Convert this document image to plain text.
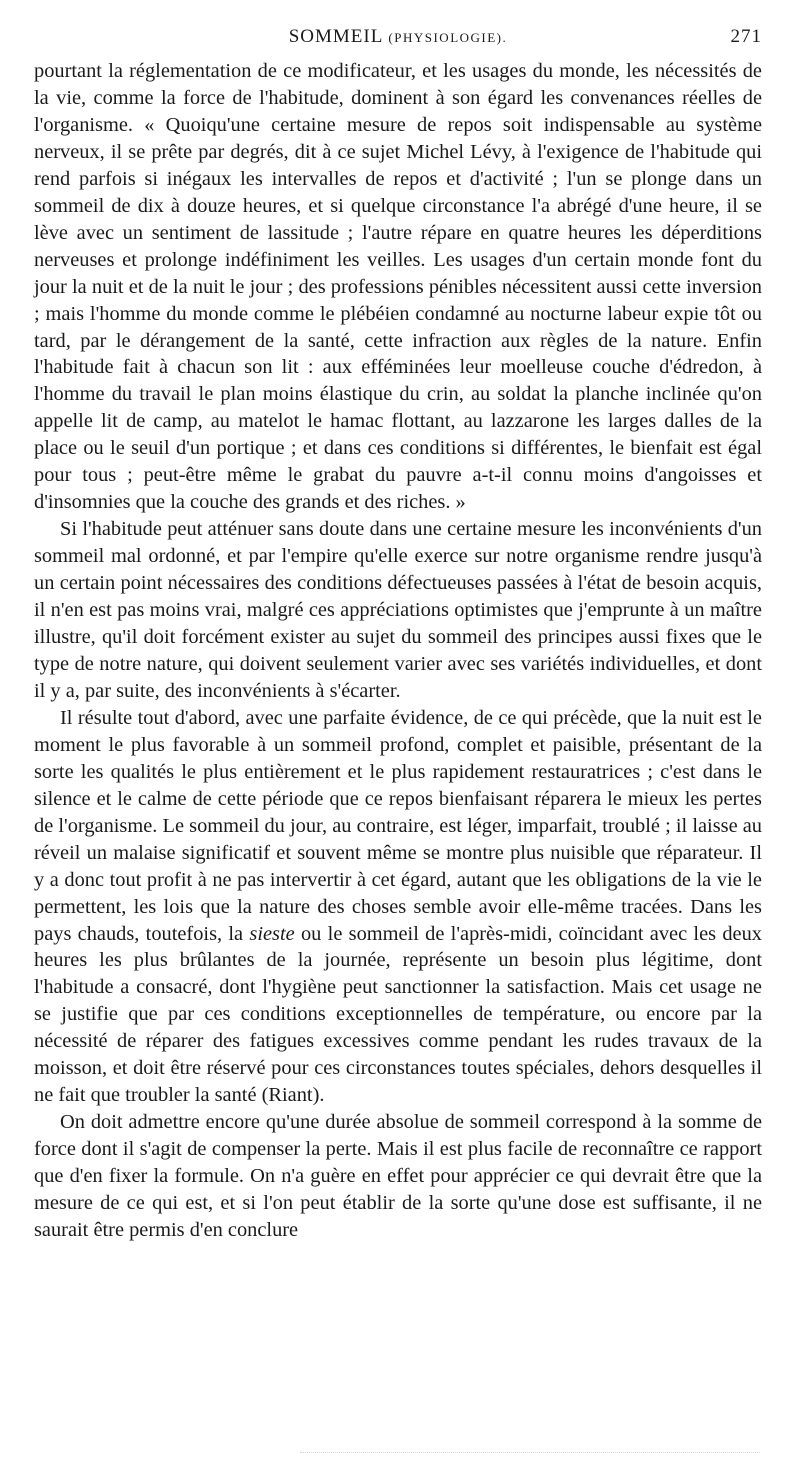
SOMMEIL (PHYSIOLOGIE).	271

pourtant la réglementation de ce modificateur, et les usages du monde, les nécessités de la vie, comme la force de l'habitude, dominent à son égard les convenances réelles de l'organisme. « Quoiqu'une certaine mesure de repos soit indispensable au système nerveux, il se prête par degrés, dit à ce sujet Michel Lévy, à l'exigence de l'habitude qui rend parfois si inégaux les intervalles de repos et d'activité ; l'un se plonge dans un sommeil de dix à douze heures, et si quelque circonstance l'a abrégé d'une heure, il se lève avec un sentiment de lassitude ; l'autre répare en quatre heures les déperditions nerveuses et prolonge indéfiniment les veilles. Les usages d'un certain monde font du jour la nuit et de la nuit le jour ; des professions pénibles nécessitent aussi cette inversion ; mais l'homme du monde comme le plébéien condamné au nocturne labeur expie tôt ou tard, par le dérangement de la santé, cette infraction aux règles de la nature. Enfin l'habitude fait à chacun son lit : aux efféminées leur moelleuse couche d'édredon, à l'homme du travail le plan moins élastique du crin, au soldat la planche inclinée qu'on appelle lit de camp, au matelot le hamac flottant, au lazzarone les larges dalles de la place ou le seuil d'un portique ; et dans ces conditions si différentes, le bienfait est égal pour tous ; peut-être même le grabat du pauvre a-t-il connu moins d'angoisses et d'insomnies que la couche des grands et des riches. »

Si l'habitude peut atténuer sans doute dans une certaine mesure les inconvénients d'un sommeil mal ordonné, et par l'empire qu'elle exerce sur notre organisme rendre jusqu'à un certain point nécessaires des conditions défectueuses passées à l'état de besoin acquis, il n'en est pas moins vrai, malgré ces appréciations optimistes que j'emprunte à un maître illustre, qu'il doit forcément exister au sujet du sommeil des principes aussi fixes que le type de notre nature, qui doivent seulement varier avec ses variétés individuelles, et dont il y a, par suite, des inconvénients à s'écarter.

Il résulte tout d'abord, avec une parfaite évidence, de ce qui précède, que la nuit est le moment le plus favorable à un sommeil profond, complet et paisible, présentant de la sorte les qualités le plus entièrement et le plus rapidement restauratrices ; c'est dans le silence et le calme de cette période que ce repos bienfaisant réparera le mieux les pertes de l'organisme. Le sommeil du jour, au contraire, est léger, imparfait, troublé ; il laisse au réveil un malaise significatif et souvent même se montre plus nuisible que réparateur. Il y a donc tout profit à ne pas intervertir à cet égard, autant que les obligations de la vie le permettent, les lois que la nature des choses semble avoir elle-même tracées. Dans les pays chauds, toutefois, la sieste ou le sommeil de l'après-midi, coïncidant avec les deux heures les plus brûlantes de la journée, représente un besoin plus légitime, dont l'habitude a consacré, dont l'hygiène peut sanctionner la satisfaction. Mais cet usage ne se justifie que par ces conditions exceptionnelles de température, ou encore par la nécessité de réparer des fatigues excessives comme pendant les rudes travaux de la moisson, et doit être réservé pour ces circonstances toutes spéciales, dehors desquelles il ne fait que troubler la santé (Riant).

On doit admettre encore qu'une durée absolue de sommeil correspond à la somme de force dont il s'agit de compenser la perte. Mais il est plus facile de reconnaître ce rapport que d'en fixer la formule. On n'a guère en effet pour apprécier ce qui devrait être que la mesure de ce qui est, et si l'on peut établir de la sorte qu'une dose est suffisante, il ne saurait être permis d'en conclure
